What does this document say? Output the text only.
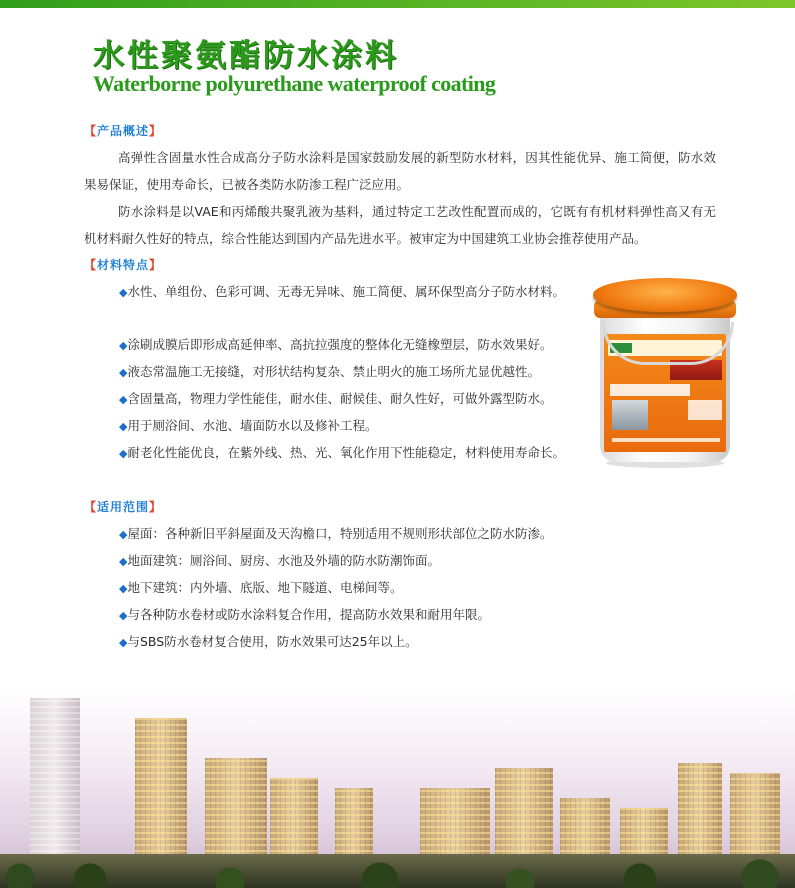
水性聚氨酯防水涂料
Waterborne polyurethane waterproof coating
【产品概述】

高弹性含固量水性合成高分子防水涂料是国家鼓励发展的新型防水材料，因其性能优异、施工简便，防水效果易保证，使用寿命长，已被各类防水防渗工程广泛应用。

防水涂料是以VAE和丙烯酸共聚乳液为基料，通过特定工艺改性配置而成的，它既有有机材料弹性高又有无机材料耐久性好的特点，综合性能达到国内产品先进水平。被审定为中国建筑工业协会推荐使用产品。

【材料特点】

◆水性、单组份、色彩可调、无毒无异味、施工简便、属环保型高分子防水材料。

◆涂刷成膜后即形成高延伸率、高抗拉强度的整体化无缝橡塑层，防水效果好。

◆液态常温施工无接缝，对形状结构复杂、禁止明火的施工场所尤显优越性。

◆含固量高，物理力学性能佳，耐水佳、耐候佳、耐久性好，可做外露型防水。

◆用于厕浴间、水池、墙面防水以及修补工程。

◆耐老化性能优良，在紫外线、热、光、氧化作用下性能稳定，材料使用寿命长。

【适用范围】

◆屋面：各种新旧平斜屋面及天沟檐口，特别适用不规则形状部位之防水防渗。

◆地面建筑：厕浴间、厨房、水池及外墙的防水防潮饰面。

◆地下建筑：内外墙、底版、地下隧道、电梯间等。

◆与各种防水卷材或防水涂料复合作用，提高防水效果和耐用年限。

◆与SBS防水卷材复合使用，防水效果可达25年以上。
